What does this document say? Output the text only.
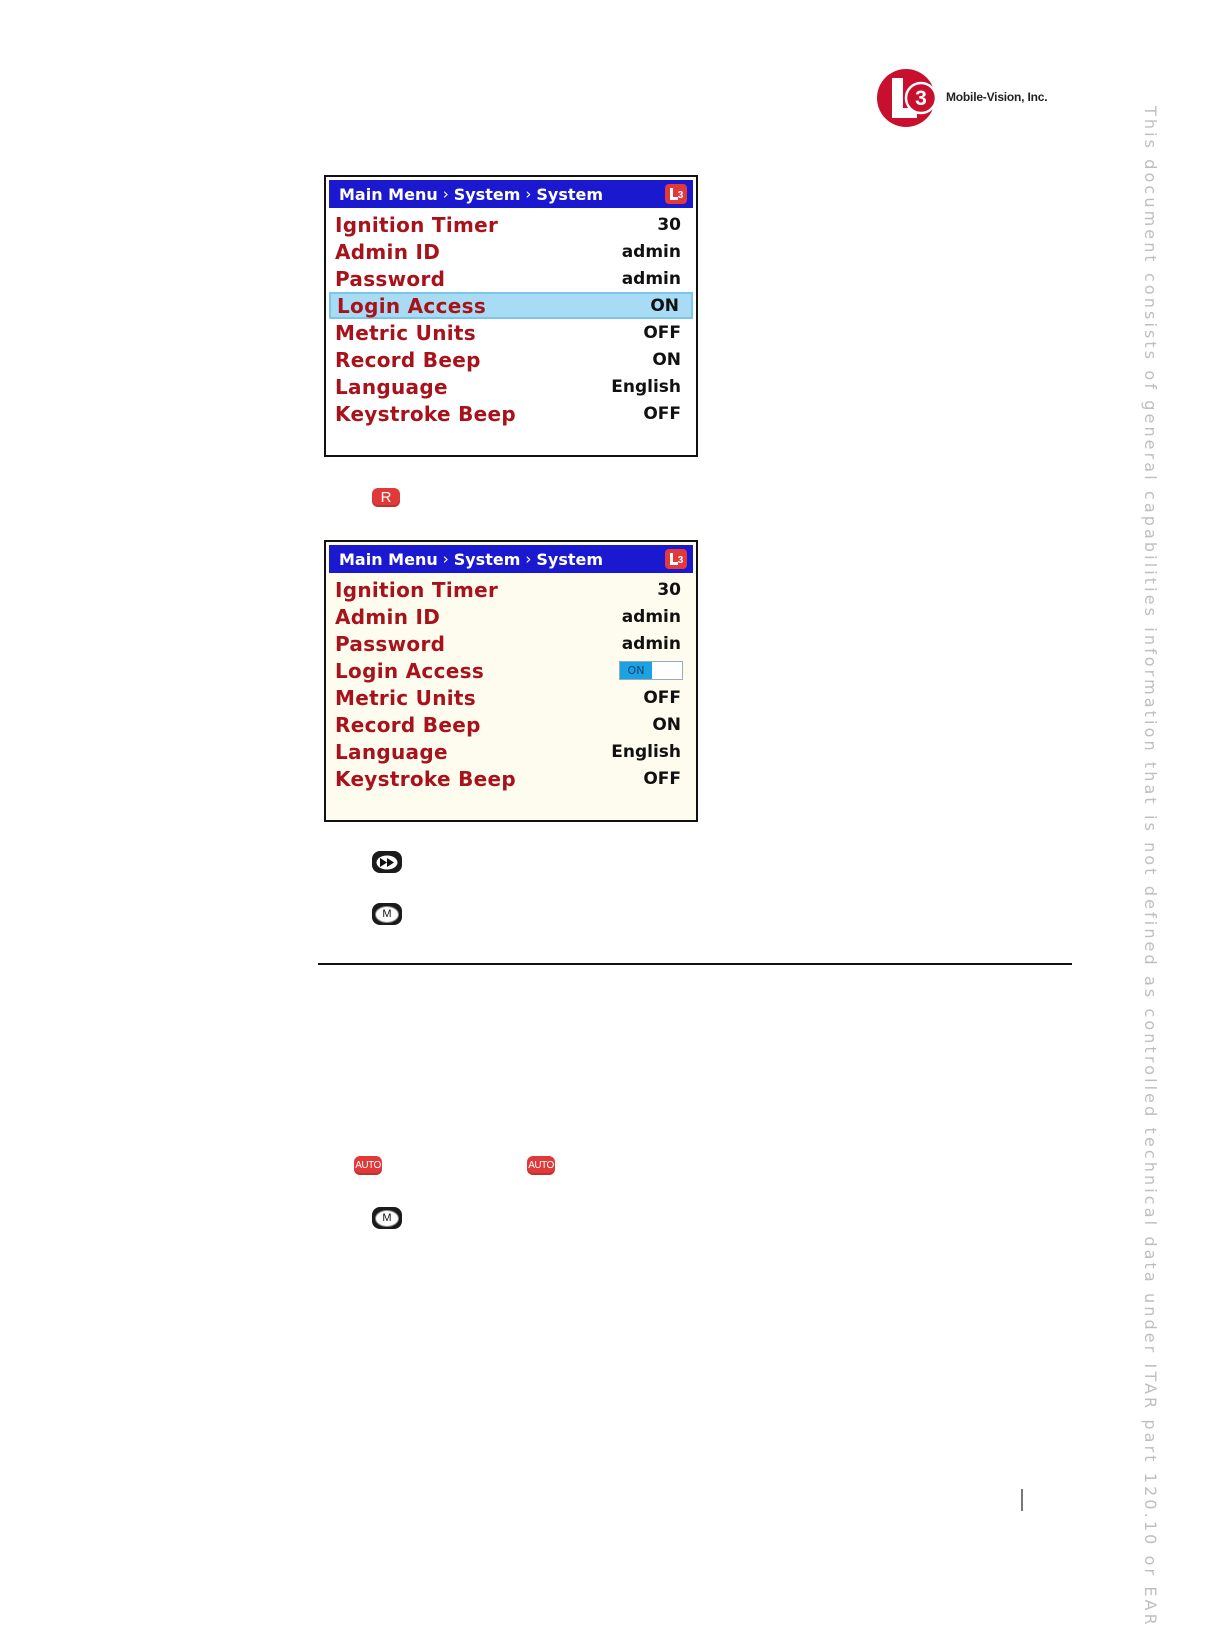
3 Mobile-Vision, Inc.
This document consists of general capabilities information that is not defined as controlled technical data under ITAR part 120.10 or EAR
Main Menu › System › System	3
Ignition Timer	30
Admin ID	admin
Password	admin
Login Access	ON
Metric Units	OFF
Record Beep	ON
Language	English
Keystroke Beep	OFF
R
Main Menu › System › System	3
Ignition Timer	30
Admin ID	admin
Password	admin
Login Access	ON
Metric Units	OFF
Record Beep	ON
Language	English
Keystroke Beep	OFF
M
AUTO	AUTO
M
